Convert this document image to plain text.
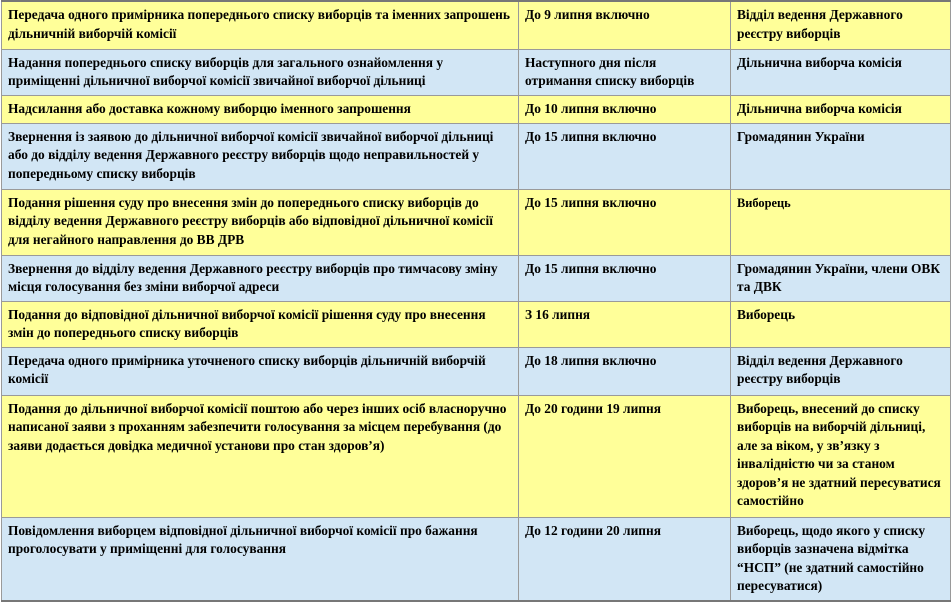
Передача одного примірника попереднього списку виборців та іменних запрошень дільничній виборчій комісії	До 9 липня включно	Відділ ведення Державного реєстру виборців
Надання попереднього списку виборців для загального ознайомлення у приміщенні дільничної виборчої комісії звичайної виборчої дільниці	Наступного дня після отримання списку виборців	Дільнична виборча комісія
Надсилання або доставка кожному виборцю іменного запрошення	До 10 липня включно	Дільнична виборча комісія
Звернення із заявою до дільничної виборчої комісії звичайної виборчої дільниці або до відділу ведення Державного реєстру виборців щодо неправильностей у попередньому списку виборців	До 15 липня включно	Громадянин України
Подання рішення суду про внесення змін до попереднього списку виборців до відділу ведення Державного реєстру виборців або відповідної дільничної комісії для негайного направлення до ВВ ДРВ	До 15 липня включно	Виборець
Звернення до відділу ведення Державного реєстру виборців про тимчасову зміну місця голосування без зміни виборчої адреси	До 15 липня включно	Громадянин України, члени ОВК та ДВК
Подання до відповідної дільничної виборчої комісії рішення суду про внесення змін до попереднього списку виборців	З 16 липня	Виборець
Передача одного примірника уточненого списку виборців дільничній виборчій комісії	До 18 липня включно	Відділ ведення Державного реєстру виборців
Подання до дільничної виборчої комісії поштою або через інших осіб власноручно написаної заяви з проханням забезпечити голосування за місцем перебування (до заяви додається довідка медичної установи про стан здоров’я)	До 20 години 19 липня	Виборець, внесений до списку виборців на виборчій дільниці, але за віком, у зв’язку з інвалідністю чи за станом здоров’я не здатний пересуватися самостійно
Повідомлення виборцем відповідної дільничної виборчої комісії про бажання проголосувати у приміщенні для голосування	До 12 години 20 липня	Виборець, щодо якого у списку виборців зазначена відмітка “НСП” (не здатний самостійно пересуватися)
